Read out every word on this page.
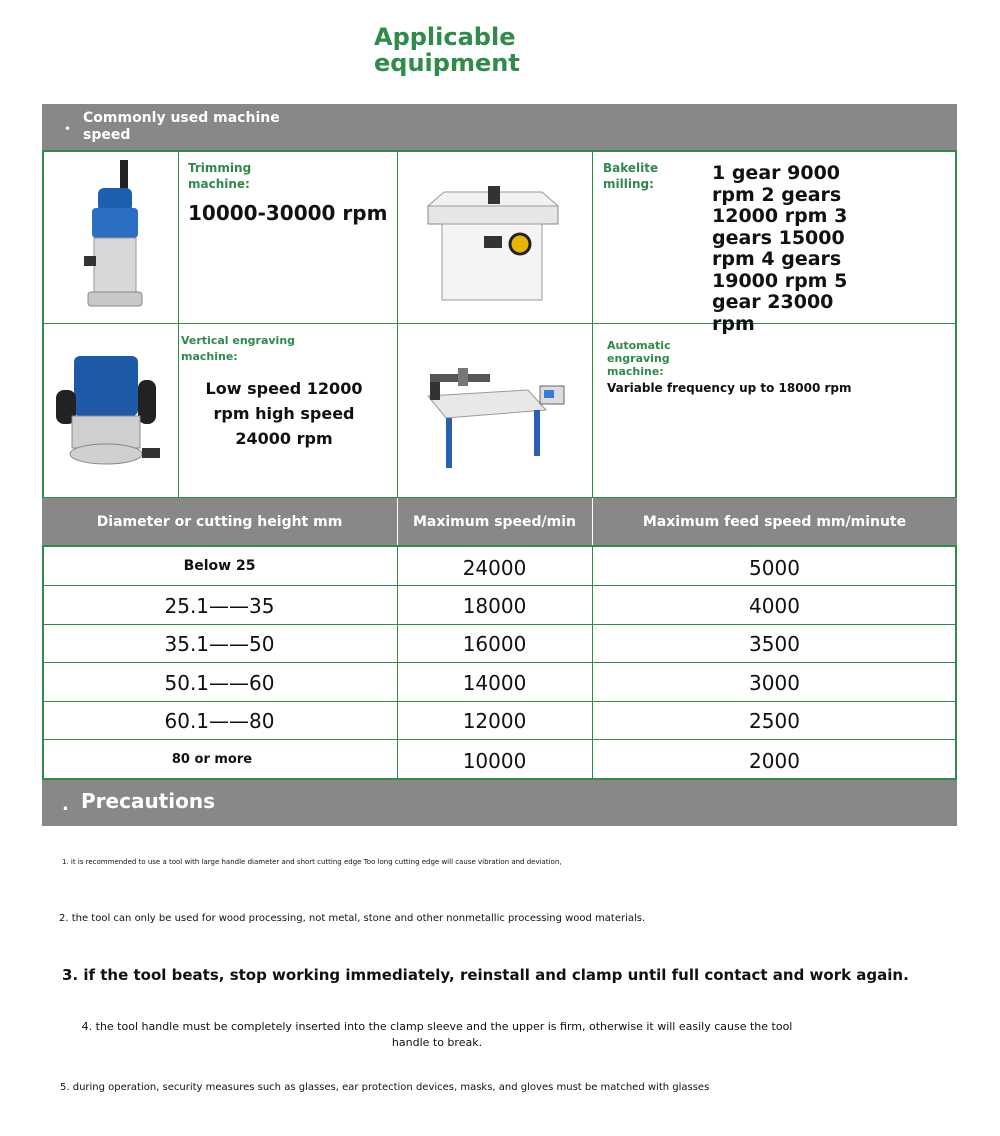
Applicable
equipment
•
Commonly used machine speed
Trimming machine:
10000-30000 rpm
Bakelite milling:	1 gear 9000 rpm 2 gears 12000 rpm 3 gears 15000 rpm 4 gears 19000 rpm 5 gear 23000 rpm
Vertical engraving machine:
Low speed 12000 rpm high speed 24000 rpm
Automatic engraving machine:
Variable frequency up to 18000 rpm
Diameter or cutting height mm	Maximum speed/min	Maximum feed speed mm/minute
Below 25	24000	5000
25.1——35	18000	4000
35.1——50	16000	3500
50.1——60	14000	3000
60.1——80	12000	2500
80 or more	10000	2000
. Precautions
1. it is recommended to use a tool with large handle diameter and short cutting edge Too long cutting edge will cause vibration and deviation,
2. the tool can only be used for wood processing, not metal, stone and other nonmetallic processing wood materials.
3. if the tool beats, stop working immediately, reinstall and clamp until full contact and work again.
4. the tool handle must be completely inserted into the clamp sleeve and the upper is firm, otherwise it will easily cause the tool handle to break.
5. during operation, security measures such as glasses, ear protection devices, masks, and gloves must be matched with glasses
